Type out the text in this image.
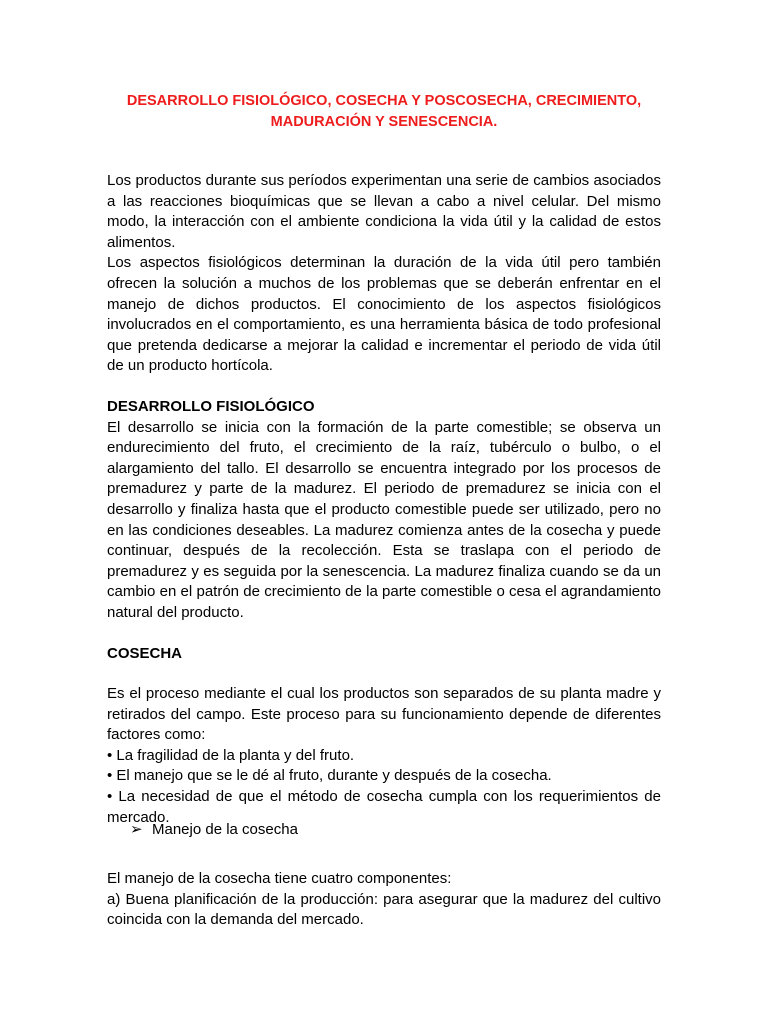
DESARROLLO FISIOLÓGICO, COSECHA Y POSCOSECHA, CRECIMIENTO, MADURACIÓN Y SENESCENCIA.

Los productos durante sus períodos experimentan una serie de cambios asociados a las reacciones bioquímicas que se llevan a cabo a nivel celular. Del mismo modo, la interacción con el ambiente condiciona la vida útil y la calidad de estos alimentos.

Los aspectos fisiológicos determinan la duración de la vida útil pero también ofrecen la solución a muchos de los problemas que se deberán enfrentar en el manejo de dichos productos. El conocimiento de los aspectos fisiológicos involucrados en el comportamiento, es una herramienta básica de todo profesional que pretenda dedicarse a mejorar la calidad e incrementar el periodo de vida útil de un producto hortícola.

DESARROLLO FISIOLÓGICO

El desarrollo se inicia con la formación de la parte comestible; se observa un endurecimiento del fruto, el crecimiento de la raíz, tubérculo o bulbo, o el alargamiento del tallo. El desarrollo se encuentra integrado por los procesos de premadurez y parte de la madurez. El periodo de premadurez se inicia con el desarrollo y finaliza hasta que el producto comestible puede ser utilizado, pero no en las condiciones deseables. La madurez comienza antes de la cosecha y puede continuar, después de la recolección. Esta se traslapa con el periodo de premadurez y es seguida por la senescencia. La madurez finaliza cuando se da un cambio en el patrón de crecimiento de la parte comestible o cesa el agrandamiento natural del producto.

COSECHA

Es el proceso mediante el cual los productos son separados de su planta madre y retirados del campo. Este proceso para su funcionamiento depende de diferentes factores como:

• La fragilidad de la planta y del fruto.

• El manejo que se le dé al fruto, durante y después de la cosecha.

• La necesidad de que el método de cosecha cumpla con los requerimientos de mercado.

➢ Manejo de la cosecha

El manejo de la cosecha tiene cuatro componentes:

a) Buena planificación de la producción: para asegurar que la madurez del cultivo coincida con la demanda del mercado.
